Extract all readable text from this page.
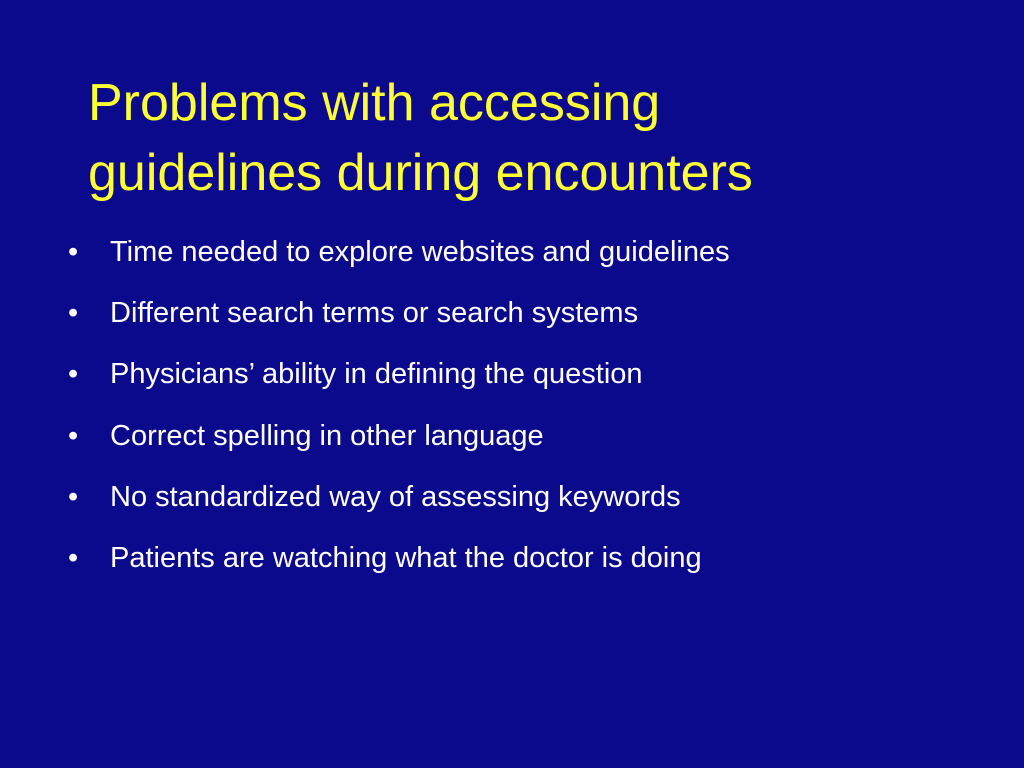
Problems with accessing
guidelines during encounters
•	Time needed to explore websites and guidelines
•	Different search terms or search systems
•	Physicians’ ability in defining the question
•	Correct spelling in other language
•	No standardized way of assessing keywords
•	Patients are watching what the doctor is doing
